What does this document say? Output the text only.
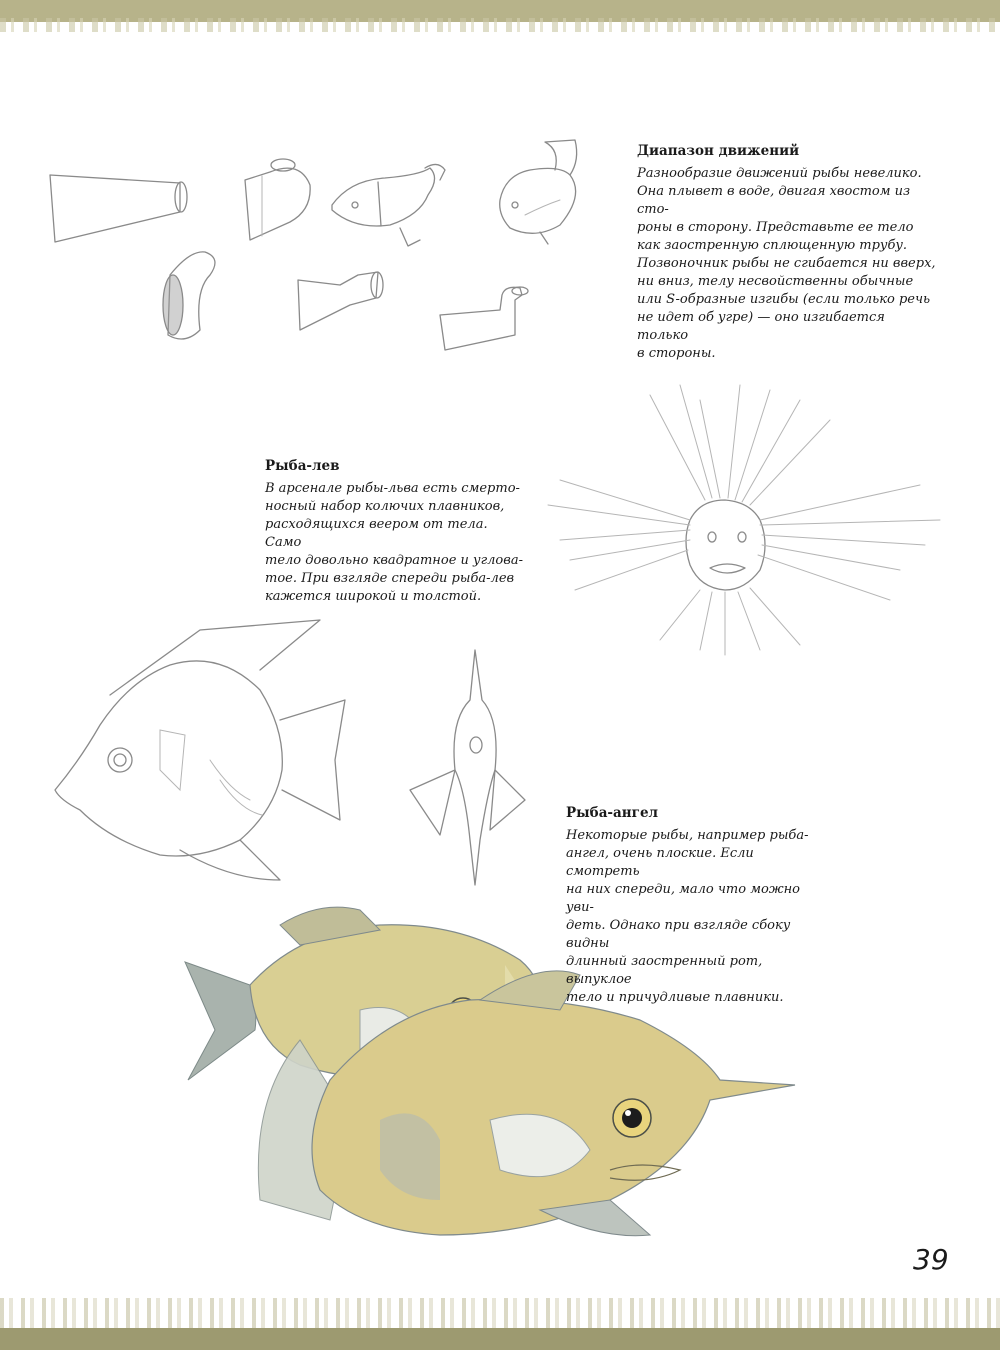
Диапазон движений

Разнообразие движений рыбы невелико.
Она плывет в воде, двигая хвостом из сто-
роны в сторону. Представьте ее тело
как заостренную сплющенную трубу.
Позвоночник рыбы не сгибается ни вверх,
ни вниз, телу несвойственны обычные
или S-образные изгибы (если только речь
не идет об угре) — оно изгибается только
в стороны.

Рыба-лев

В арсенале рыбы-льва есть смерто-
носный набор колючих плавников,
расходящихся веером от тела. Само
тело довольно квадратное и углова-
тое. При взгляде спереди рыба-лев
кажется широкой и толстой.

Рыба-ангел

Некоторые рыбы, например рыба-
ангел, очень плоские. Если смотреть
на них спереди, мало что можно уви-
деть. Однако при взгляде сбоку видны
длинный заостренный рот, выпуклое
тело и причудливые плавники.

39
